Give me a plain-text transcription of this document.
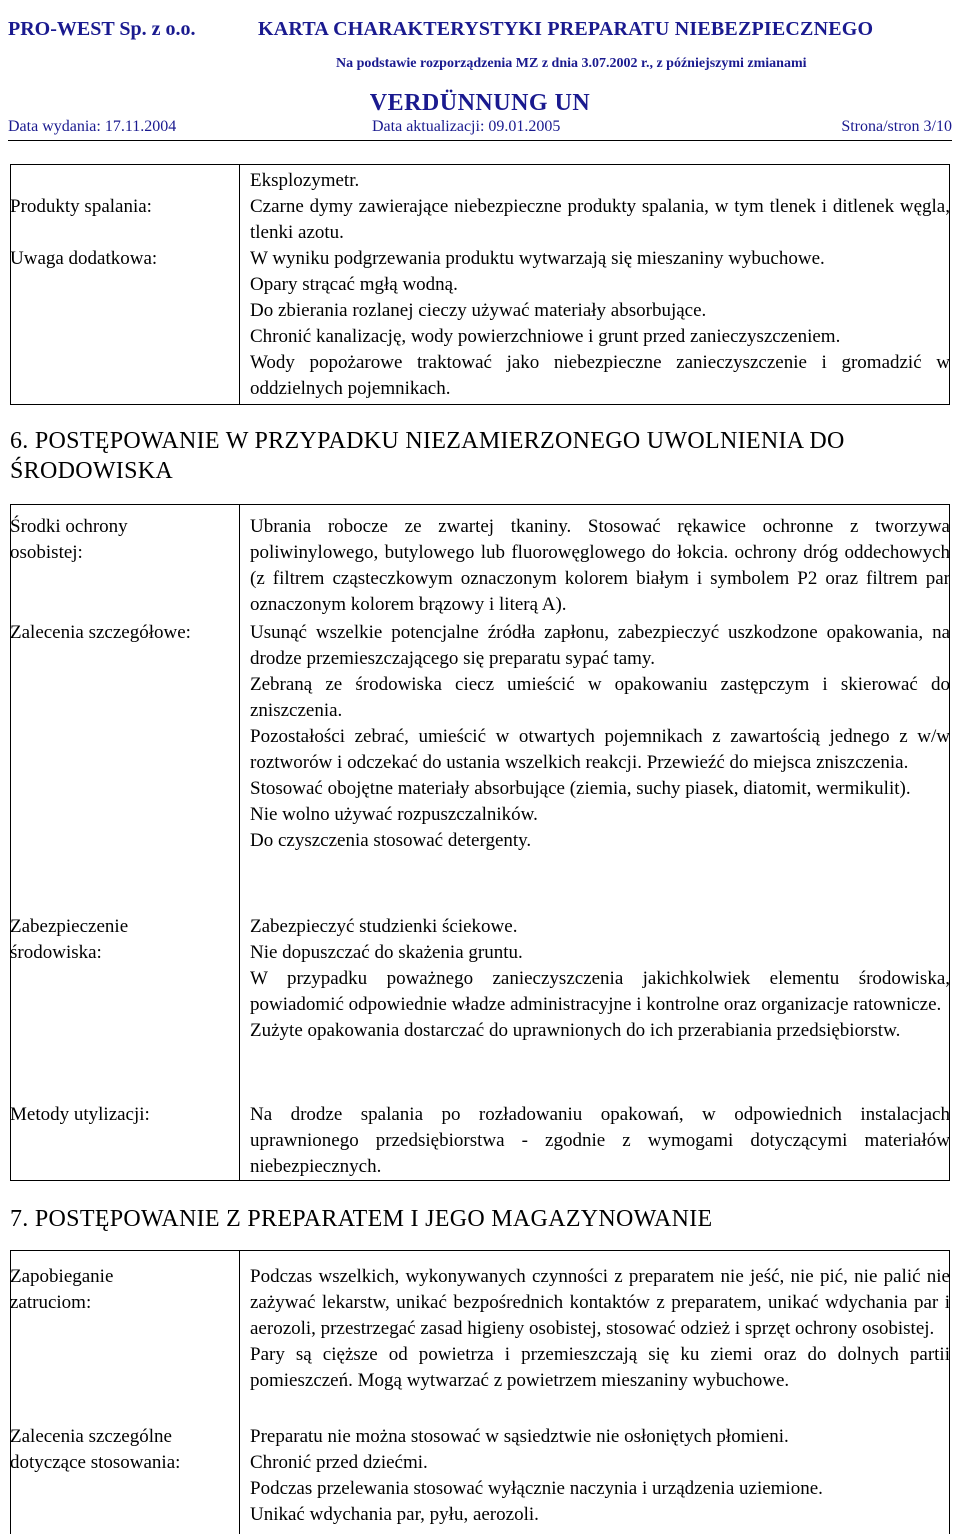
PRO-WEST Sp. z o.o.	KARTA CHARAKTERYSTYKI PREPARATU NIEBEZPIECZNEGO
Na podstawie rozporządzenia MZ z dnia 3.07.2002 r., z późniejszymi zmianami
VERDÜNNUNG UN
Data wydania: 17.11.2004	Data aktualizacji: 09.01.2005	Strona/stron 3/10
Eksplozymetr.
Produkty spalania:	Czarne dymy zawierające niebezpieczne produkty spalania, w tym tlenek i ditlenek węgla, tlenki azotu.
Uwaga dodatkowa:	W wyniku podgrzewania produktu wytwarzają się mieszaniny wybuchowe.

Opary strącać mgłą wodną.

Do zbierania rozlanej cieczy używać materiały absorbujące.

Chronić kanalizację, wody powierzchniowe i grunt przed zanieczyszczeniem.

Wody popożarowe traktować jako niebezpieczne zanieczyszczenie i gromadzić w oddzielnych pojemnikach.

6. POSTĘPOWANIE W PRZYPADKU NIEZAMIERZONEGO UWOLNIENIA DO ŚRODOWISKA
Środki ochrony osobistej:
Ubrania robocze ze zwartej tkaniny. Stosować rękawice ochronne z tworzywa poliwinylowego, butylowego lub fluorowęglowego do łokcia. ochrony dróg oddechowych (z filtrem cząsteczkowym oznaczonym kolorem białym i symbolem P2 oraz filtrem par oznaczonym kolorem brązowy i literą A).
Zalecenia szczegółowe:	Usunąć wszelkie potencjalne źródła zapłonu, zabezpieczyć uszkodzone opakowania, na drodze przemieszczającego się preparatu sypać tamy.

Zebraną ze środowiska ciecz umieścić w opakowaniu zastępczym i skierować do zniszczenia.

Pozostałości zebrać, umieścić w otwartych pojemnikach z zawartością jednego z w/w roztworów i odczekać do ustania wszelkich reakcji. Przewieźć do miejsca zniszczenia.

Stosować obojętne materiały absorbujące (ziemia, suchy piasek, diatomit, wermikulit).

Nie wolno używać rozpuszczalników.

Do czyszczenia stosować detergenty.

Zabezpieczenie środowiska:

Zabezpieczyć studzienki ściekowe.

Nie dopuszczać do skażenia gruntu.

W przypadku poważnego zanieczyszczenia jakichkolwiek elementu środowiska, powiadomić odpowiednie władze administracyjne i kontrolne oraz organizacje ratownicze.

Zużyte opakowania dostarczać do uprawnionych do ich przerabiania przedsiębiorstw.

Metody utylizacji:	Na drodze spalania po rozładowaniu opakowań, w odpowiednich instalacjach uprawnionego przedsiębiorstwa - zgodnie z wymogami dotyczącymi materiałów niebezpiecznych.
7. POSTĘPOWANIE Z PREPARATEM I JEGO MAGAZYNOWANIE
Zapobieganie zatruciom:

Podczas wszelkich, wykonywanych czynności z preparatem nie jeść, nie pić, nie palić nie zażywać lekarstw, unikać bezpośrednich kontaktów z preparatem, unikać wdychania par i aerozoli, przestrzegać zasad higieny osobistej, stosować odzież i sprzęt ochrony osobistej.

Pary są cięższe od powietrza i przemieszczają się ku ziemi oraz do dolnych partii pomieszczeń. Mogą wytwarzać z powietrzem mieszaniny wybuchowe.

Zalecenia szczególne dotyczące stosowania:

Preparatu nie można stosować w sąsiedztwie nie osłoniętych płomieni.

Chronić przed dziećmi.

Podczas przelewania stosować wyłącznie naczynia i urządzenia uziemione.

Unikać wdychania par, pyłu, aerozoli.
